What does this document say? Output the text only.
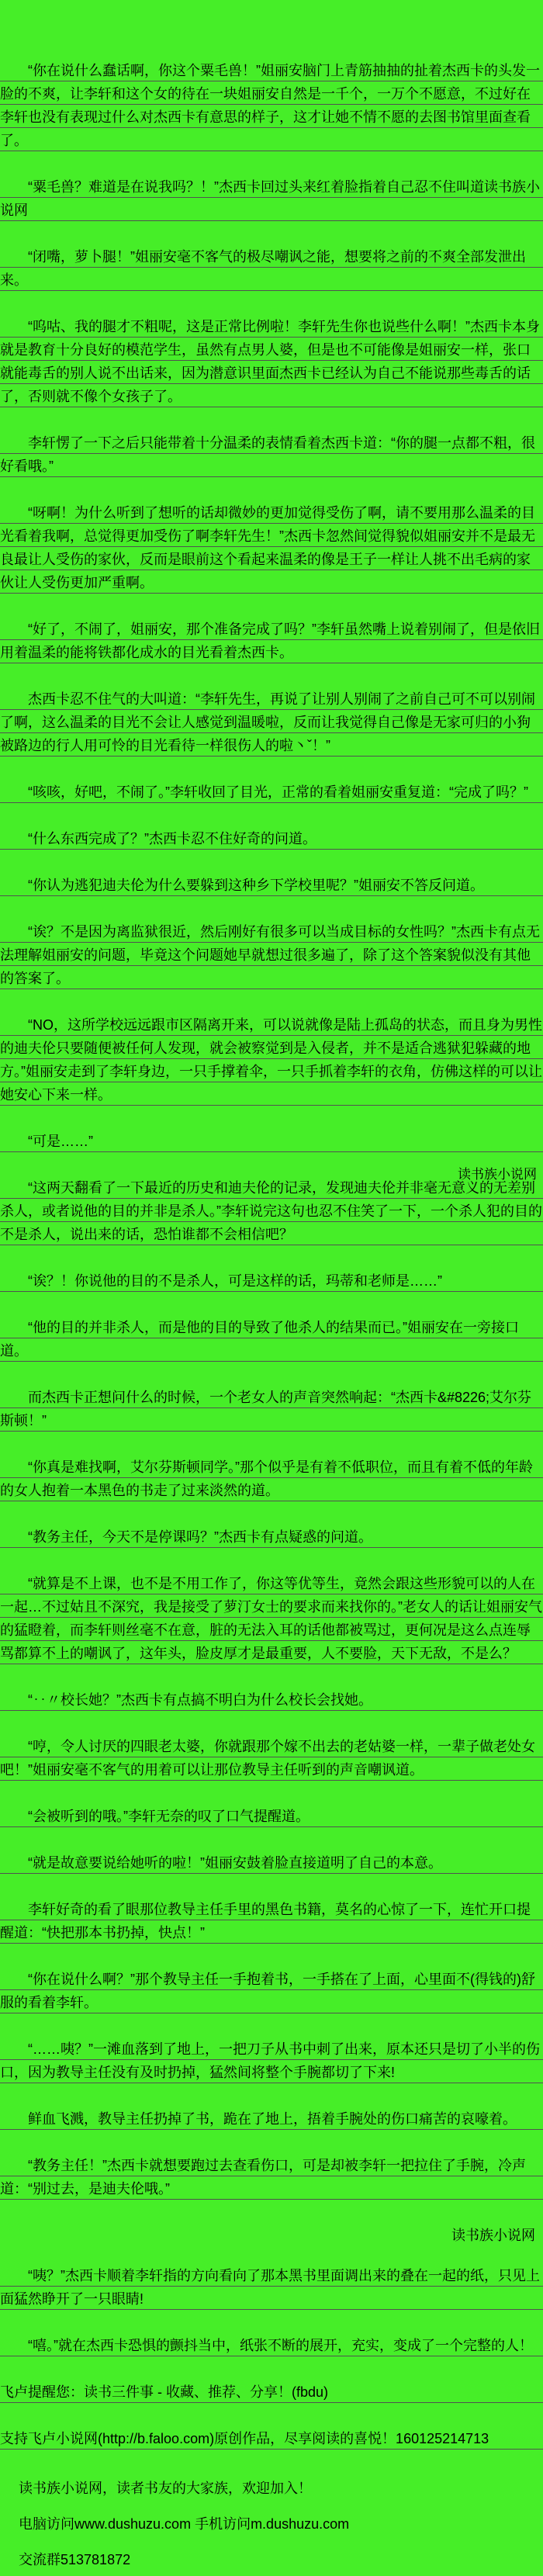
“你在说什么蠢话啊，你这个粟毛兽！”姐丽安脑门上青筋抽抽的扯着杰西卡的头发一脸的不爽，让李轩和这个女的待在一块姐丽安自然是一千个，一万个不愿意，不过好在李轩也没有表现过什么对杰西卡有意思的样子，这才让她不情不愿的去图书馆里面查看了。

“粟毛兽？难道是在说我吗？！”杰西卡回过头来红着脸指着自己忍不住叫道读书族小说网

“闭嘴，萝卜腿！”姐丽安毫不客气的极尽嘲讽之能，想要将之前的不爽全部发泄出来。

“呜咕、我的腿才不粗呢，这是正常比例啦！李轩先生你也说些什么啊！”杰西卡本身就是教育十分良好的模范学生，虽然有点男人婆，但是也不可能像是姐丽安一样，张口就能毒舌的别人说不出话来，因为潜意识里面杰西卡已经认为自己不能说那些毒舌的话了，否则就不像个女孩子了。

李轩愣了一下之后只能带着十分温柔的表情看着杰西卡道：“你的腿一点都不粗，很好看哦。”

“呀啊！为什么听到了想听的话却微妙的更加觉得受伤了啊，请不要用那么温柔的目光看着我啊，总觉得更加受伤了啊李轩先生！”杰西卡忽然间觉得貌似姐丽安并不是最无良最让人受伤的家伙，反而是眼前这个看起来温柔的像是王子一样让人挑不出毛病的家伙让人受伤更加严重啊。

“好了，不闹了，姐丽安，那个准备完成了吗？”李轩虽然嘴上说着别闹了，但是依旧用着温柔的能将铁都化成水的目光看着杰西卡。

杰西卡忍不住气的大叫道：“李轩先生，再说了让别人别闹了之前自己可不可以别闹了啊，这么温柔的目光不会让人感觉到温暖啦，反而让我觉得自己像是无家可归的小狗被路边的行人用可怜的目光看待一样很伤人的啦丶ˇ！”

“咳咳，好吧，不闹了。”李轩收回了目光，正常的看着姐丽安重复道：“完成了吗？”

“什么东西完成了？”杰西卡忍不住好奇的问道。

“你认为逃犯迪夫伦为什么要躲到这种乡下学校里呢？”姐丽安不答反问道。

“诶？不是因为离监狱很近，然后刚好有很多可以当成目标的女性吗？”杰西卡有点无法理解姐丽安的问题，毕竟这个问题她早就想过很多遍了，除了这个答案貌似没有其他的答案了。

“NO，这所学校远远跟市区隔离开来，可以说就像是陆上孤岛的状态，而且身为男性的迪夫伦只要随便被任何人发现，就会被察觉到是入侵者，并不是适合逃狱犯躲藏的地方。”姐丽安走到了李轩身边，一只手撑着伞，一只手抓着李轩的衣角，仿佛这样的可以让她安心下来一样。

“可是……”

“这两天翻看了一下最近的历史和迪夫伦的记录，发现迪夫伦并非毫无意义的无差别杀人，或者说他的目的并非是杀人。”李轩说完这句也忍不住笑了一下，一个杀人犯的目的不是杀人，说出来的话，恐怕谁都不会相信吧？
读书族小说网

“诶？！你说他的目的不是杀人，可是这样的话，玛蒂和老师是……”

“他的目的并非杀人，而是他的目的导致了他杀人的结果而已。”姐丽安在一旁接口道。

而杰西卡正想问什么的时候，一个老女人的声音突然响起：“杰西卡&#8226;艾尔芬斯顿！”

“你真是难找啊，艾尔芬斯顿同学。”那个似乎是有着不低职位，而且有着不低的年龄的女人抱着一本黑色的书走了过来淡然的道。

“教务主任，今天不是停课吗？”杰西卡有点疑惑的问道。

“就算是不上课，也不是不用工作了，你这等优等生，竟然会跟这些形貌可以的人在一起…不过姑且不深究，我是接受了萝汀女士的要求而来找你的。”老女人的话让姐丽安气的猛瞪着，而李轩则丝毫不在意，脏的无法入耳的话他都被骂过，更何况是这么点连辱骂都算不上的嘲讽了，这年头，脸皮厚才是最重要，人不要脸，天下无敌，不是么？

“‥〃校长她？”杰西卡有点搞不明白为什么校长会找她。

“哼，令人讨厌的四眼老太婆，你就跟那个嫁不出去的老姑婆一样，一辈子做老处女吧！”姐丽安毫不客气的用着可以让那位教导主任听到的声音嘲讽道。

“会被听到的哦。”李轩无奈的叹了口气提醒道。

“就是故意要说给她听的啦！”姐丽安鼓着脸直接道明了自己的本意。

李轩好奇的看了眼那位教导主任手里的黑色书籍，莫名的心惊了一下，连忙开口提醒道：“快把那本书扔掉，快点！”

“你在说什么啊？”那个教导主任一手抱着书，一手搭在了上面，心里面不(得钱的)舒服的看着李轩。

“……咦？”一滩血落到了地上，一把刀子从书中刺了出来，原本还只是切了小半的伤口，因为教导主任没有及时扔掉，猛然间将整个手腕都切了下来!

鲜血飞溅，教导主任扔掉了书，跪在了地上，捂着手腕处的伤口痛苦的哀嚎着。

“教务主任！”杰西卡就想要跑过去查看伤口，可是却被李轩一把拉住了手腕，冷声道：“别过去，是迪夫伦哦。”

读书族小说网

“咦？”杰西卡顺着李轩指的方向看向了那本黑书里面调出来的叠在一起的纸，只见上面猛然睁开了一只眼睛!

“嘻。”就在杰西卡恐惧的颤抖当中，纸张不断的展开，充实，变成了一个完整的人！

飞卢提醒您：读书三件事 - 收藏、推荐、分享！(fbdu)

支持飞卢小说网(http://b.faloo.com)原创作品，尽享阅读的喜悦！160125214713

读书族小说网，读者书友的大家族，欢迎加入！
电脑访问www.dushuzu.com 手机访问m.dushuzu.com
交流群513781872
